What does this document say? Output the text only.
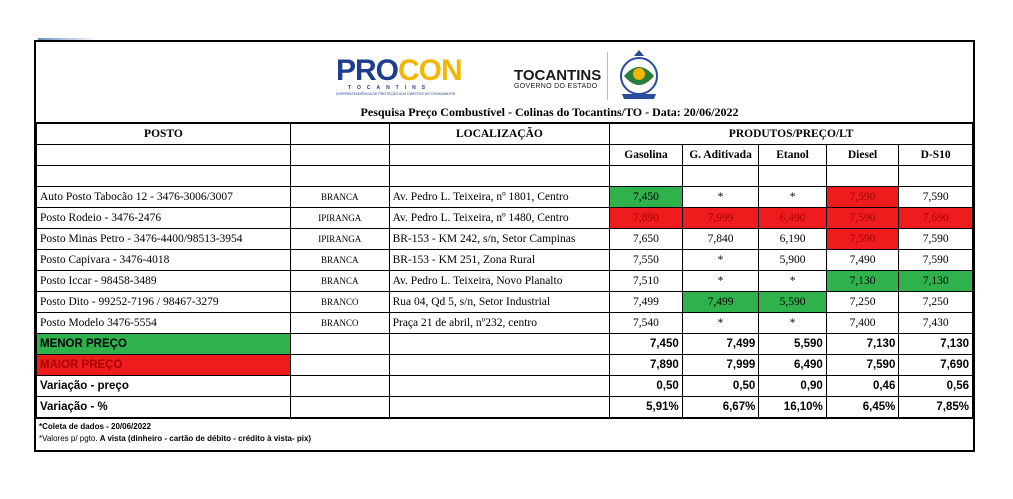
PROCON
TOCANTINS
SUPERINTENDÊNCIA DE PROTEÇÃO AOS DIREITOS DO CONSUMIDOR
TOCANTINS
GOVERNO DO ESTADO
Pesquisa Preço Combustível - Colinas do Tocantins/TO - Data: 20/06/2022
POSTO		LOCALIZAÇÃO	PRODUTOS/PREÇO/LT				
			Gasolina	G. Aditivada	Etanol	Diesel	D-S10

Auto Posto Tabocão 12 - 3476-3006/3007	BRANCA	Av. Pedro L. Teixeira, nº 1801, Centro	7,450	*	*	7,590	7,590
Posto Rodeio - 3476-2476	IPIRANGA	Av. Pedro L. Teixeira, nº 1480, Centro	7,890	7,999	6,490	7,590	7,690
Posto Minas Petro - 3476-4400/98513-3954	IPIRANGA	BR-153 - KM 242, s/n, Setor Campinas	7,650	7,840	6,190	7,590	7,590
Posto Capivara - 3476-4018	BRANCA	BR-153 - KM 251, Zona Rural	7,550	*	5,900	7,490	7,590
Posto Iccar - 98458-3489	BRANCA	Av. Pedro L. Teixeira, Novo Planalto	7,510	*	*	7,130	7,130
Posto Dito - 99252-7196 / 98467-3279	BRANCO	Rua 04, Qd 5, s/n, Setor Industrial	7,499	7,499	5,590	7,250	7,250
Posto Modelo 3476-5554	BRANCO	Praça 21 de abril, nº232, centro	7,540	*	*	7,400	7,430
MENOR PREÇO			7,450	7,499	5,590	7,130	7,130
MAIOR PREÇO			7,890	7,999	6,490	7,590	7,690
Variação - preço			0,50	0,50	0,90	0,46	0,56
Variação - %			5,91%	6,67%	16,10%	6,45%	7,85%
*Coleta de dados - 20/06/2022
*Valores p/ pgto. A vista (dinheiro - cartão de débito - crédito à vista- pix)
